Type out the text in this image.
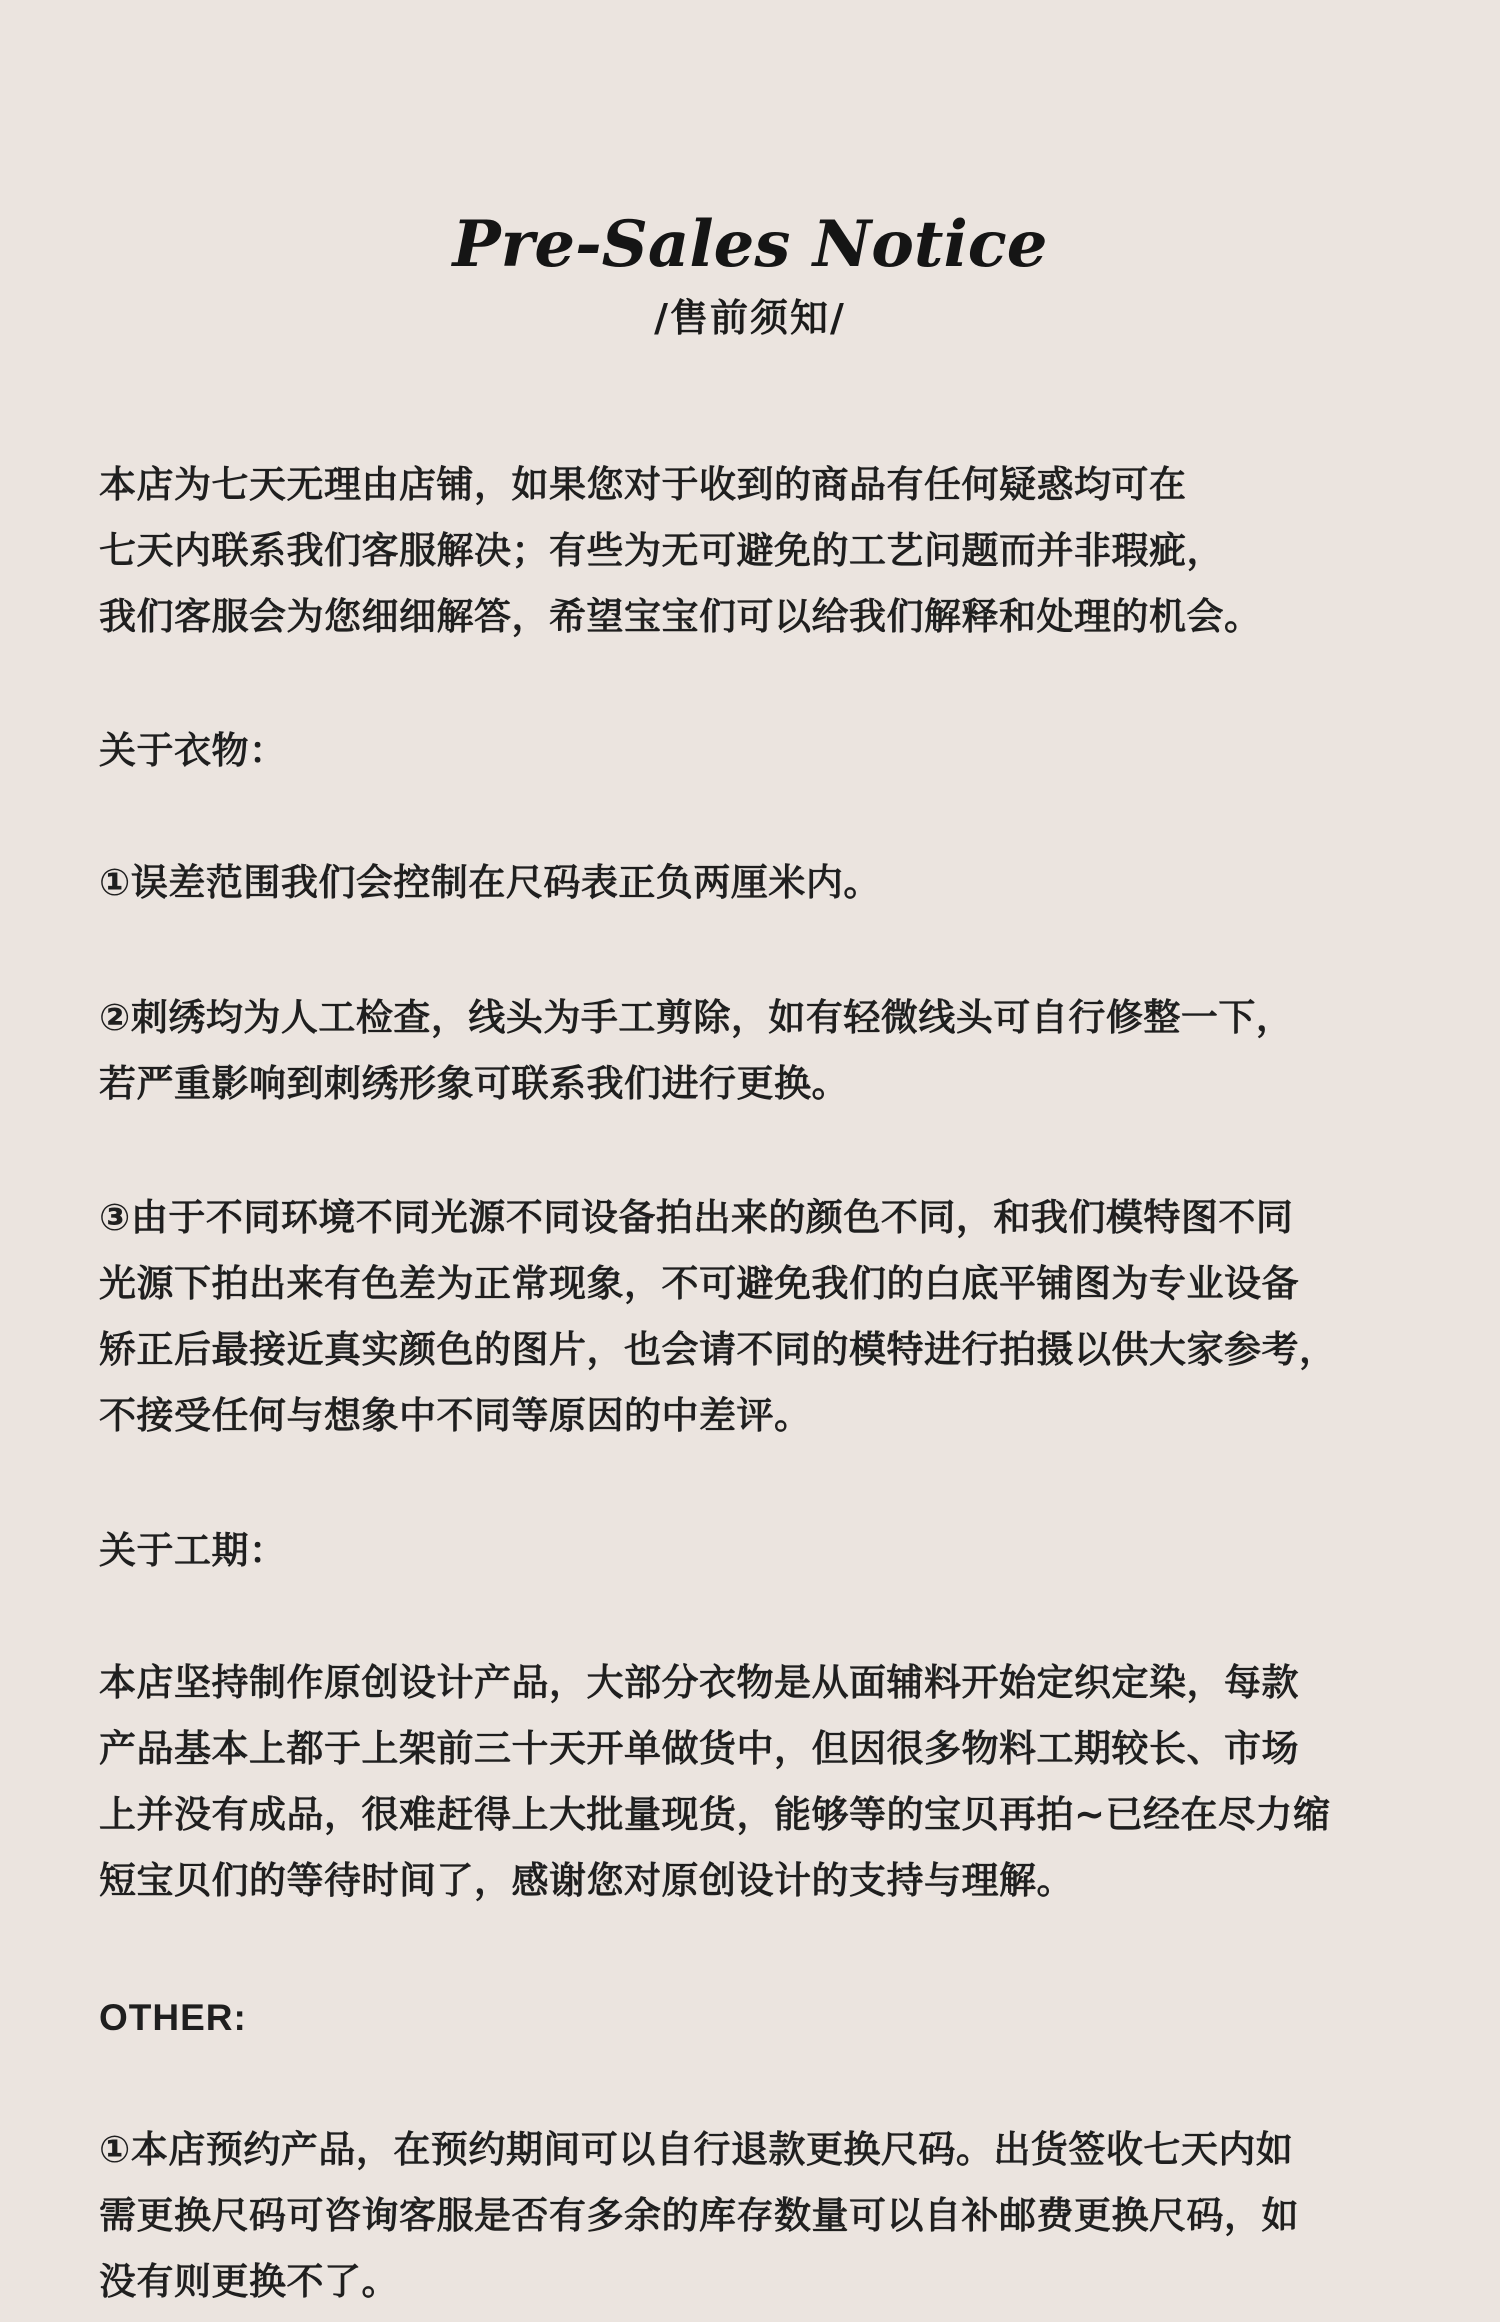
Pre-Sales Notice
/售前须知/
本店为七天无理由店铺，如果您对于收到的商品有任何疑惑均可在
七天内联系我们客服解决；有些为无可避免的工艺问题而并非瑕疵，
我们客服会为您细细解答，希望宝宝们可以给我们解释和处理的机会。
关于衣物：
①误差范围我们会控制在尺码表正负两厘米内。
②刺绣均为人工检查，线头为手工剪除，如有轻微线头可自行修整一下，
若严重影响到刺绣形象可联系我们进行更换。
③由于不同环境不同光源不同设备拍出来的颜色不同，和我们模特图不同
光源下拍出来有色差为正常现象，不可避免我们的白底平铺图为专业设备
矫正后最接近真实颜色的图片，也会请不同的模特进行拍摄以供大家参考，
不接受任何与想象中不同等原因的中差评。
关于工期：
本店坚持制作原创设计产品，大部分衣物是从面辅料开始定织定染，每款
产品基本上都于上架前三十天开单做货中，但因很多物料工期较长、市场
上并没有成品，很难赶得上大批量现货，能够等的宝贝再拍~已经在尽力缩
短宝贝们的等待时间了，感谢您对原创设计的支持与理解。
OTHER:
①本店预约产品，在预约期间可以自行退款更换尺码。出货签收七天内如
需更换尺码可咨询客服是否有多余的库存数量可以自补邮费更换尺码，如
没有则更换不了。
